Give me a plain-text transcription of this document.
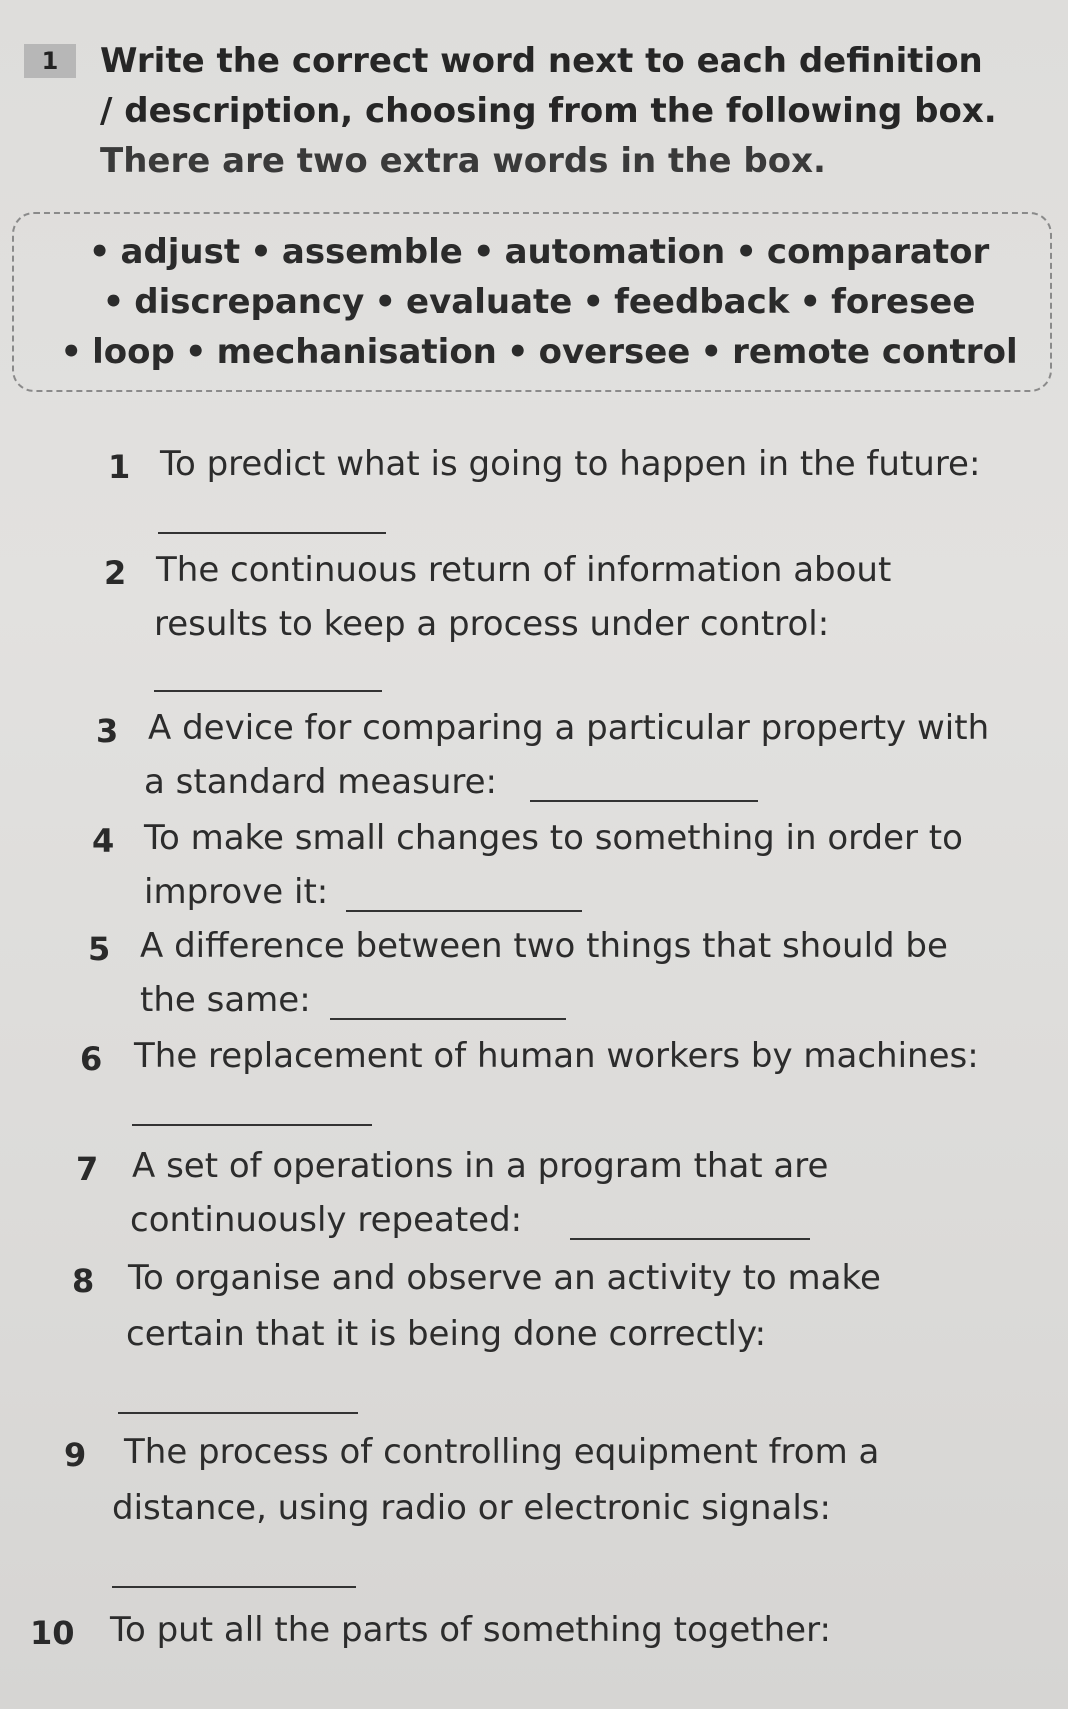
1	Write the correct word next to each definition
/ description, choosing from the following box.
There are two extra words in the box.
• adjust • assemble • automation • comparator
• discrepancy • evaluate • feedback • foresee
• loop • mechanisation • oversee • remote control
1 To predict what is going to happen in the future:
2 The continuous return of information about
results to keep a process under control:
3 A device for comparing a particular property with
a standard measure:
4 To make small changes to something in order to
improve it:
5 A difference between two things that should be
the same:
6 The replacement of human workers by machines:
7 A set of operations in a program that are
continuously repeated:
8 To organise and observe an activity to make
certain that it is being done correctly:
9 The process of controlling equipment from a
distance, using radio or electronic signals:
10 To put all the parts of something together:
